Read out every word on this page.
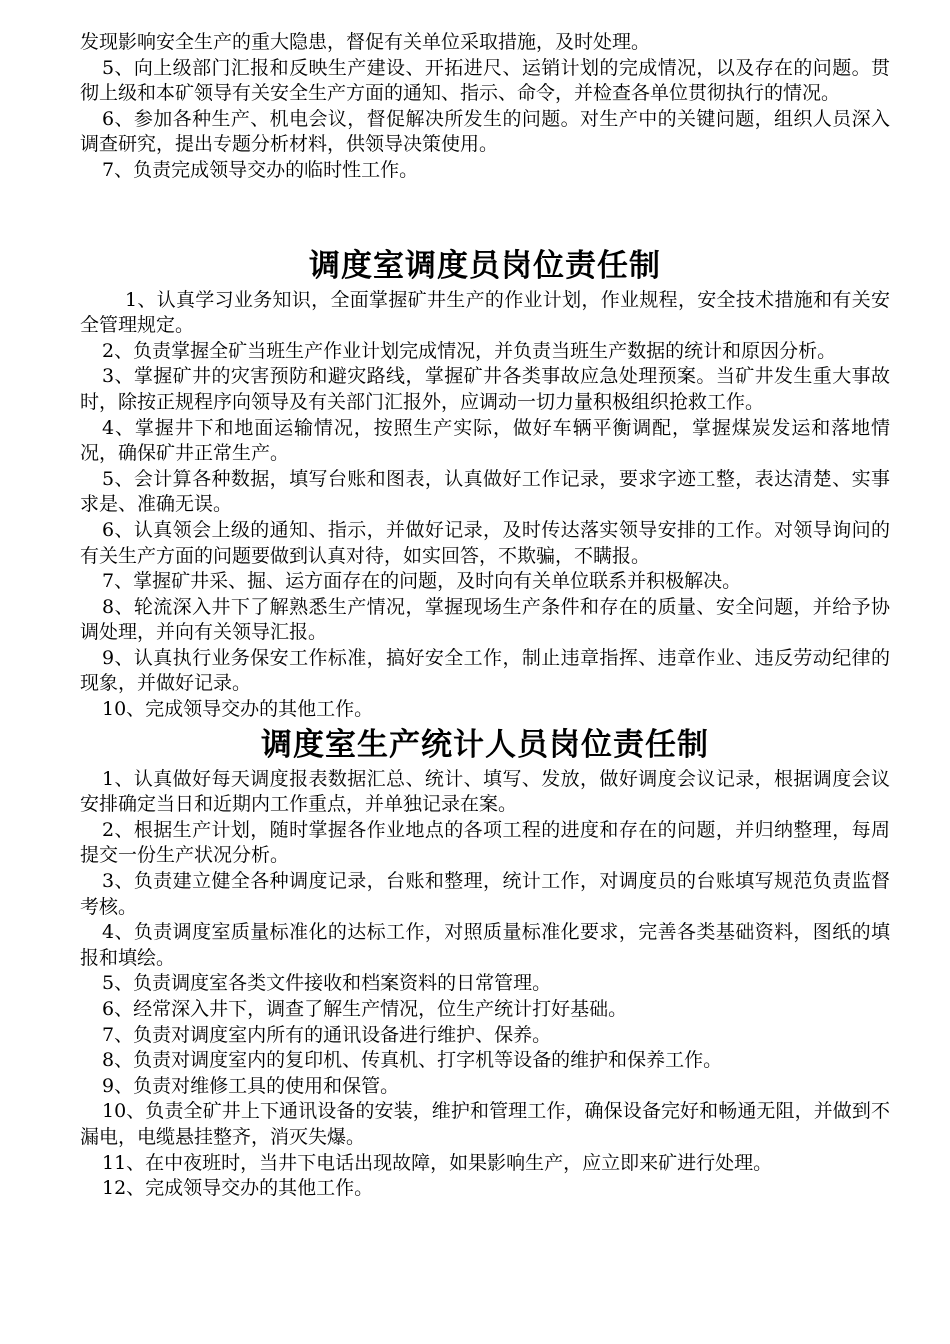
发现影响安全生产的重大隐患，督促有关单位采取措施，及时处理。

5、向上级部门汇报和反映生产建设、开拓进尺、运销计划的完成情况，以及存在的问题。贯彻上级和本矿领导有关安全生产方面的通知、指示、命令，并检查各单位贯彻执行的情况。

6、参加各种生产、机电会议，督促解决所发生的问题。对生产中的关键问题，组织人员深入调查研究，提出专题分析材料，供领导决策使用。

7、负责完成领导交办的临时性工作。

调度室调度员岗位责任制

1、认真学习业务知识，全面掌握矿井生产的作业计划，作业规程，安全技术措施和有关安全管理规定。

2、负责掌握全矿当班生产作业计划完成情况，并负责当班生产数据的统计和原因分析。

3、掌握矿井的灾害预防和避灾路线，掌握矿井各类事故应急处理预案。当矿井发生重大事故时，除按正规程序向领导及有关部门汇报外，应调动一切力量积极组织抢救工作。

4、掌握井下和地面运输情况，按照生产实际，做好车辆平衡调配，掌握煤炭发运和落地情况，确保矿井正常生产。

5、会计算各种数据，填写台账和图表，认真做好工作记录，要求字迹工整，表达清楚、实事求是、准确无误。

6、认真领会上级的通知、指示，并做好记录，及时传达落实领导安排的工作。对领导询问的有关生产方面的问题要做到认真对待，如实回答，不欺骗，不瞒报。

7、掌握矿井采、掘、运方面存在的问题，及时向有关单位联系并积极解决。

8、轮流深入井下了解熟悉生产情况，掌握现场生产条件和存在的质量、安全问题，并给予协调处理，并向有关领导汇报。

9、认真执行业务保安工作标准，搞好安全工作，制止违章指挥、违章作业、违反劳动纪律的现象，并做好记录。

10、完成领导交办的其他工作。

调度室生产统计人员岗位责任制

1、认真做好每天调度报表数据汇总、统计、填写、发放，做好调度会议记录，根据调度会议安排确定当日和近期内工作重点，并单独记录在案。

2、根据生产计划，随时掌握各作业地点的各项工程的进度和存在的问题，并归纳整理，每周提交一份生产状况分析。

3、负责建立健全各种调度记录，台账和整理，统计工作，对调度员的台账填写规范负责监督考核。

4、负责调度室质量标准化的达标工作，对照质量标准化要求，完善各类基础资料，图纸的填报和填绘。

5、负责调度室各类文件接收和档案资料的日常管理。

6、经常深入井下，调查了解生产情况，位生产统计打好基础。

7、负责对调度室内所有的通讯设备进行维护、保养。

8、负责对调度室内的复印机、传真机、打字机等设备的维护和保养工作。

9、负责对维修工具的使用和保管。

10、负责全矿井上下通讯设备的安装，维护和管理工作，确保设备完好和畅通无阻，并做到不漏电，电缆悬挂整齐，消灭失爆。

11、在中夜班时，当井下电话出现故障，如果影响生产，应立即来矿进行处理。

12、完成领导交办的其他工作。
